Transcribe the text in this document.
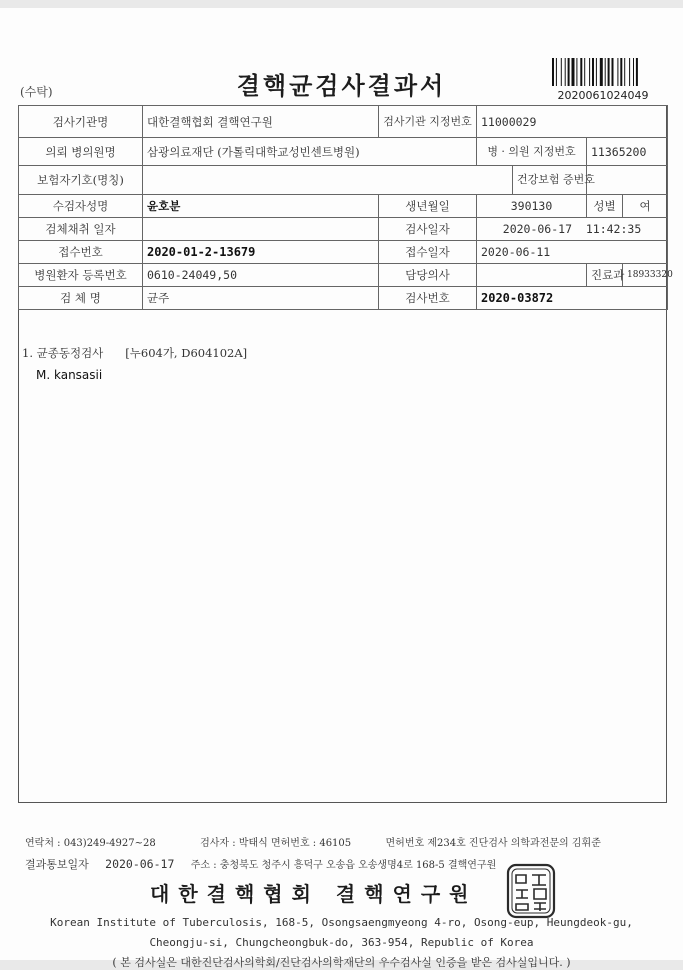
(수탁)	결핵균검사결과서	2020061024049
검사기관명	대한결핵협회 결핵연구원	검사기관 지정번호	11000029			
의뢰 병의원명	삼광의료재단 (가톨릭대학교성빈센트병원)		병 · 의원 지정번호		11365200	
보험자기호(명칭)				건강보험 증번호		
수검자성명	윤호분	생년월일	390130		성별	여
검체채취 일자		검사일자	2020-06-17  11:42:35			
접수번호	2020-01-2-13679	접수일자	2020-06-11			
병원환자 등록번호	0610-24049,50	담당의사			진료과	18933320
검 체 명	균주	검사번호	2020-03872			
1. 균종동정검사 [누604가, D604102A]
M. kansasii
연락처 : 043)249-4927~28	검사자 : 박태식 면허번호 : 46105	면허번호 제234호 진단검사 의학과전문의 김휘준
결과통보일자 2020-06-17 주소 : 충청북도 청주시 흥덕구 오송읍 오송생명4로 168-5 결핵연구원
대한결핵협회 결핵연구원
Korean Institute of Tuberculosis, 168-5, Osongsaengmyeong 4-ro, Osong-eup, Heungdeok-gu,
Cheongju-si, Chungcheongbuk-do, 363-954, Republic of Korea
( 본 검사실은 대한진단검사의학회/진단검사의학재단의 우수검사실 인증을 받은 검사실입니다. )
